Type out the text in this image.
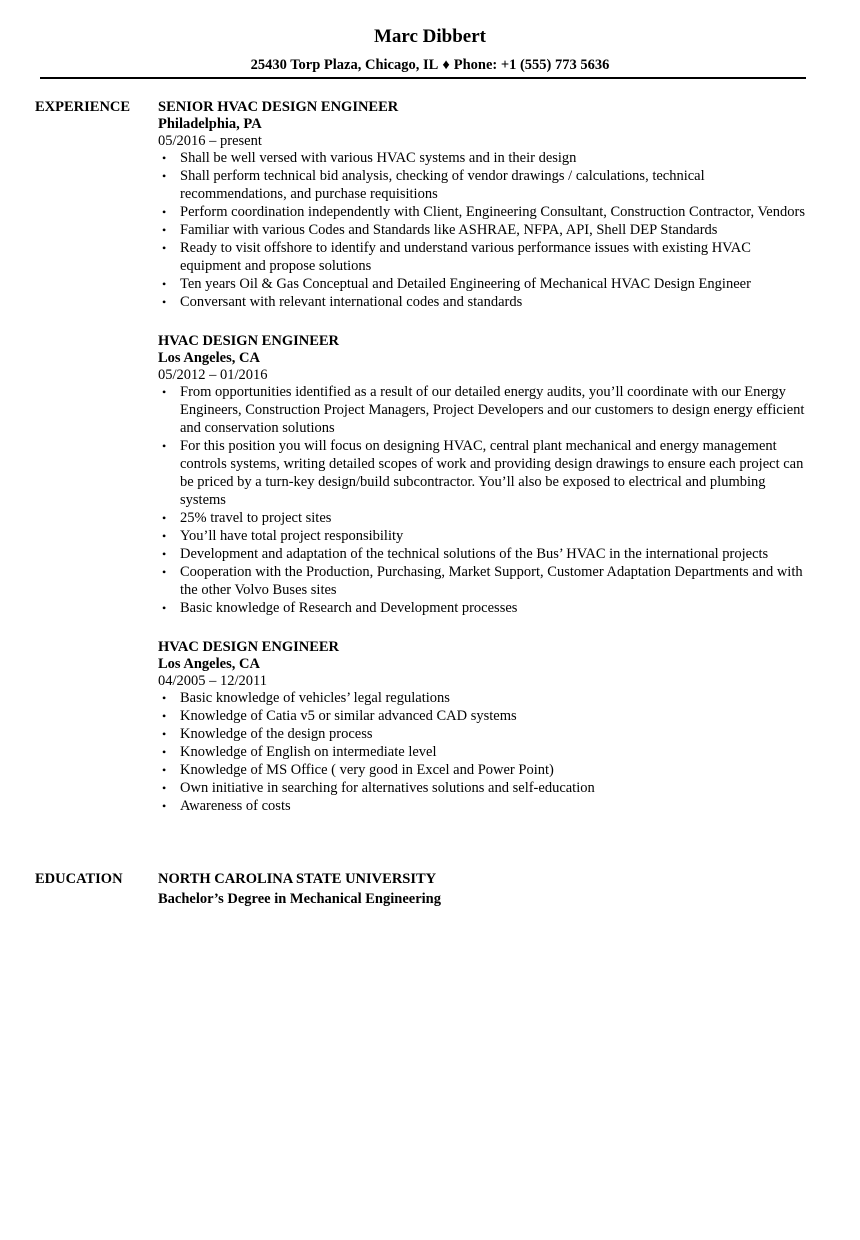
Marc Dibbert
25430 Torp Plaza, Chicago, IL ♦ Phone: +1 (555) 773 5636
EXPERIENCE SENIOR HVAC DESIGN ENGINEER
Philadelphia, PA
05/2016 – present
• Shall be well versed with various HVAC systems and in their design
• Shall perform technical bid analysis, checking of vendor drawings / calculations, technical recommendations, and purchase requisitions
• Perform coordination independently with Client, Engineering Consultant, Construction Contractor, Vendors
• Familiar with various Codes and Standards like ASHRAE, NFPA, API, Shell DEP Standards
• Ready to visit offshore to identify and understand various performance issues with existing HVAC equipment and propose solutions
• Ten years Oil & Gas Conceptual and Detailed Engineering of Mechanical HVAC Design Engineer
• Conversant with relevant international codes and standards
HVAC DESIGN ENGINEER
Los Angeles, CA
05/2012 – 01/2016
• From opportunities identified as a result of our detailed energy audits, you’ll coordinate with our Energy Engineers, Construction Project Managers, Project Developers and our customers to design energy efficient and conservation solutions
• For this position you will focus on designing HVAC, central plant mechanical and energy management controls systems, writing detailed scopes of work and providing design drawings to ensure each project can be priced by a turn-key design/build subcontractor. You’ll also be exposed to electrical and plumbing systems
• 25% travel to project sites
• You’ll have total project responsibility
• Development and adaptation of the technical solutions of the Bus’ HVAC in the international projects
• Cooperation with the Production, Purchasing, Market Support, Customer Adaptation Departments and with the other Volvo Buses sites
• Basic knowledge of Research and Development processes
HVAC DESIGN ENGINEER
Los Angeles, CA
04/2005 – 12/2011
• Basic knowledge of vehicles’ legal regulations
• Knowledge of Catia v5 or similar advanced CAD systems
• Knowledge of the design process
• Knowledge of English on intermediate level
• Knowledge of MS Office ( very good in Excel and Power Point)
• Own initiative in searching for alternatives solutions and self-education
• Awareness of costs
EDUCATION NORTH CAROLINA STATE UNIVERSITY
Bachelor’s Degree in Mechanical Engineering
